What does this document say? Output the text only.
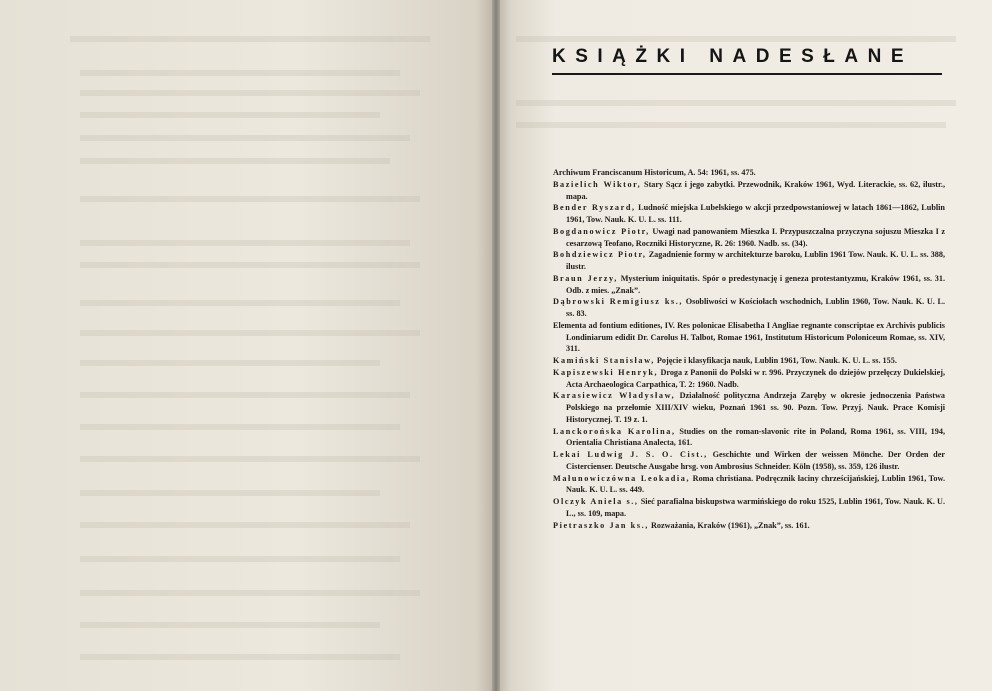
KSIĄŻKI NADESŁANE

Archiwum Franciscanum Historicum, A. 54: 1961, ss. 475.

Bazielich Wiktor, Stary Sącz i jego zabytki. Przewodnik, Kraków 1961, Wyd. Literackie, ss. 62, ilustr., mapa.

Bender Ryszard, Ludność miejska Lubelskiego w akcji przedpowstaniowej w latach 1861—1862, Lublin 1961, Tow. Nauk. K. U. L. ss. 111.

Bogdanowicz Piotr, Uwagi nad panowaniem Mieszka I. Przypuszczalna przyczyna sojuszu Mieszka I z cesarzową Teofano, Roczniki Historyczne, R. 26: 1960. Nadb. ss. (34).

Bohdziewicz Piotr, Zagadnienie formy w architekturze baroku, Lublin 1961 Tow. Nauk. K. U. L. ss. 388, ilustr.

Braun Jerzy, Mysterium iniquitatis. Spór o predestynację i geneza protestantyzmu, Kraków 1961, ss. 31. Odb. z mies. „Znak”.

Dąbrowski Remigiusz ks., Osobliwości w Kościołach wschodnich, Lublin 1960, Tow. Nauk. K. U. L. ss. 83.

Elementa ad fontium editiones, IV. Res polonicae Elisabetha I Angliae regnante conscriptae ex Archivis publicis Londiniarum edidit Dr. Carolus H. Talbot, Romae 1961, Institutum Historicum Poloniceum Romae, ss. XIV, 311.

Kamiński Stanisław, Pojęcie i klasyfikacja nauk, Lublin 1961, Tow. Nauk. K. U. L. ss. 155.

Kapiszewski Henryk, Droga z Panonii do Polski w r. 996. Przyczynek do dziejów przełęczy Dukielskiej, Acta Archaeologica Carpathica, T. 2: 1960. Nadb.

Karasiewicz Władysław, Działalność polityczna Andrzeja Zaręby w okresie jednoczenia Państwa Polskiego na przełomie XIII/XIV wieku, Poznań 1961 ss. 90. Pozn. Tow. Przyj. Nauk. Prace Komisji Historycznej. T. 19 z. 1.

Lanckorońska Karolina, Studies on the roman-slavonic rite in Poland, Roma 1961, ss. VIII, 194, Orientalia Christiana Analecta, 161.

Lekai Ludwig J. S. O. Cist., Geschichte und Wirken der weissen Mönche. Der Orden der Cistercienser. Deutsche Ausgabe hrsg. von Ambrosius Schneider. Köln (1958), ss. 359, 126 ilustr.

Małunowiczówna Leokadia, Roma christiana. Podręcznik łaciny chrześcijańskiej, Lublin 1961, Tow. Nauk. K. U. L. ss. 449.

Olczyk Aniela s., Sieć parafialna biskupstwa warmińskiego do roku 1525, Lublin 1961, Tow. Nauk. K. U. L., ss. 109, mapa.

Pietraszko Jan ks., Rozważania, Kraków (1961), „Znak”, ss. 161.
